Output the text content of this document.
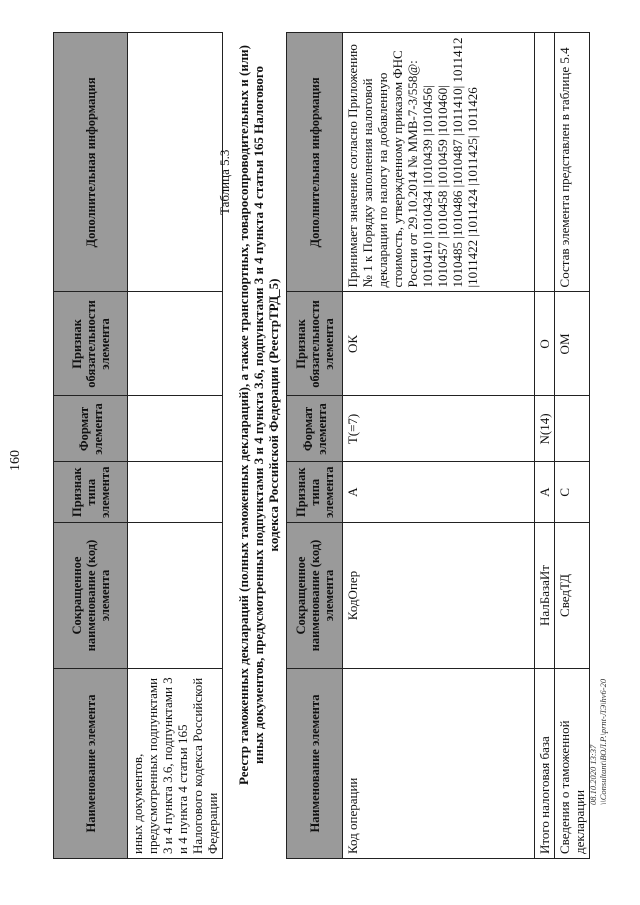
160
Наименование элемента	Сокращенное наименование (код) элемента	Признак типа элемента	Формат элемента	Признак обязательности элемента	Дополнительная информация
иных документов, предусмотренных подпунктами 3 и 4 пункта 3.6, подпунктами 3 и 4 пункта 4 статьи 165 Налогового кодекса Российской Федерации					
Таблица 5.3 Реестр таможенных деклараций (полных таможенных деклараций), а также транспортных, товаросопроводительных и (или) иных документов, предусмотренных подпунктами 3 и 4 пункта 3.6, подпунктами 3 и 4 пункта 4 статьи 165 Налогового кодекса Российской Федерации (РеестрТРД_5)
Наименование элемента	Сокращенное наименование (код) элемента	Признак типа элемента	Формат элемента	Признак обязательности элемента	Дополнительная информация
Код операции	КодОпер	А	T(=7)	ОК	Принимает значение согласно Приложению № 1 к Порядку заполнения налоговой декларации по налогу на добавленную стоимость, утвержденному приказом ФНС России от 29.10.2014 № ММВ-7-3/558@: 1010410 |1010434 |1010439 |1010456| 1010457 |1010458 |1010459 |1010460| 1010485 |1010486 |1010487 |1011410| 1011412 |1011422 |1011424 |1011425| 1011426
Итого налоговая база	НалБазаИт	А	N(14)	О	
Сведения о таможенной декларации	СведТД	С		ОМ	Состав элемента представлен в таблице 5.4
08.10.2020 13:37 \\Consultant\ВОЛ.Р.\prnt-ЛЭ\hv6-20
